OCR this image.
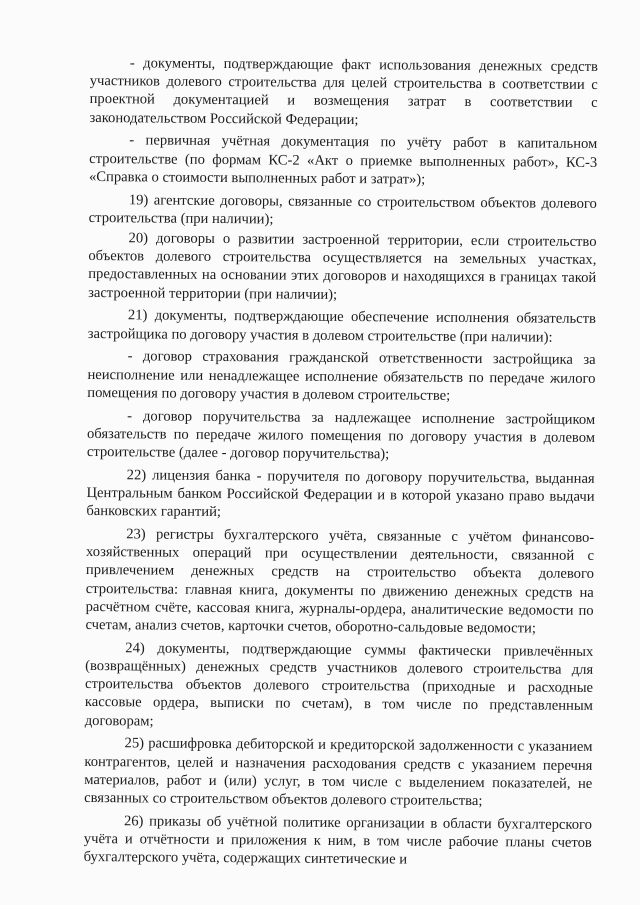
- документы, подтверждающие факт использования денежных средств участников долевого строительства для целей строительства в соответствии с проектной документацией и возмещения затрат в соответствии с законодательством Российской Федерации;

- первичная учётная документация по учёту работ в капитальном строительстве (по формам КС-2 «Акт о приемке выполненных работ», КС-3 «Справка о стоимости выполненных работ и затрат»);

19) агентские договоры, связанные со строительством объектов долевого строительства (при наличии);

20) договоры о развитии застроенной территории, если строительство объектов долевого строительства осуществляется на земельных участках, предоставленных на основании этих договоров и находящихся в границах такой застроенной территории (при наличии);

21) документы, подтверждающие обеспечение исполнения обязательств застройщика по договору участия в долевом строительстве (при наличии):

- договор страхования гражданской ответственности застройщика за неисполнение или ненадлежащее исполнение обязательств по передаче жилого помещения по договору участия в долевом строительстве;

- договор поручительства за надлежащее исполнение застройщиком обязательств по передаче жилого помещения по договору участия в долевом строительстве (далее - договор поручительства);

22) лицензия банка - поручителя по договору поручительства, выданная Центральным банком Российской Федерации и в которой указано право выдачи банковских гарантий;

23) регистры бухгалтерского учёта, связанные с учётом финансово-хозяйственных операций при осуществлении деятельности, связанной с привлечением денежных средств на строительство объекта долевого строительства: главная книга, документы по движению денежных средств на расчётном счёте, кассовая книга, журналы-ордера, аналитические ведомости по счетам, анализ счетов, карточки счетов, оборотно-сальдовые ведомости;

24) документы, подтверждающие суммы фактически привлечённых (возвращённых) денежных средств участников долевого строительства для строительства объектов долевого строительства (приходные и расходные кассовые ордера, выписки по счетам), в том числе по представленным договорам;

25) расшифровка дебиторской и кредиторской задолженности с указанием контрагентов, целей и назначения расходования средств с указанием перечня материалов, работ и (или) услуг, в том числе с выделением показателей, не связанных со строительством объектов долевого строительства;

26) приказы об учётной политике организации в области бухгалтерского учёта и отчётности и приложения к ним, в том числе рабочие планы счетов бухгалтерского учёта, содержащих синтетические и
